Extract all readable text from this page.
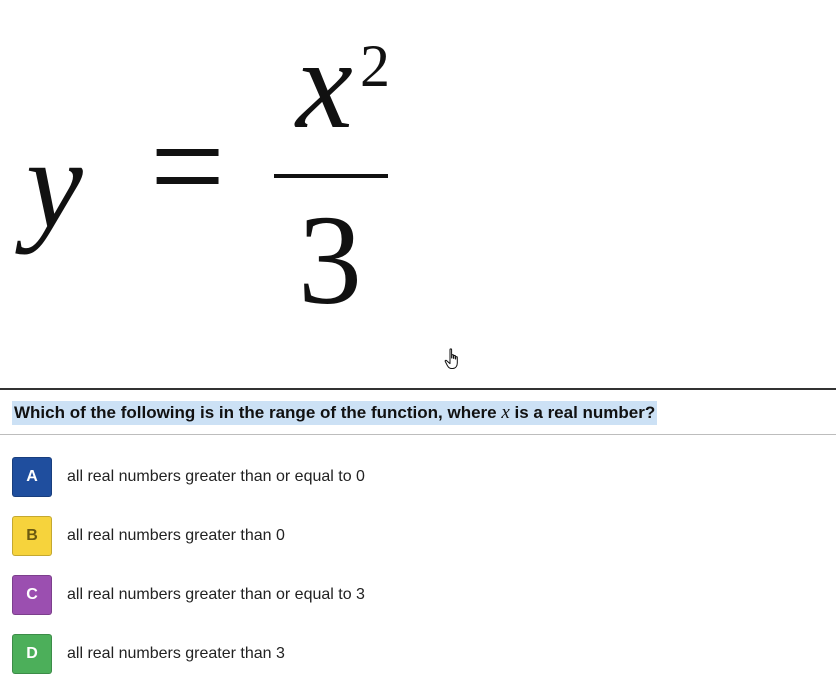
y =
x 2
3
Which of the following is in the range of the function, where x is a real number?
A	all real numbers greater than or equal to 0
B	all real numbers greater than 0
C	all real numbers greater than or equal to 3
D	all real numbers greater than 3
